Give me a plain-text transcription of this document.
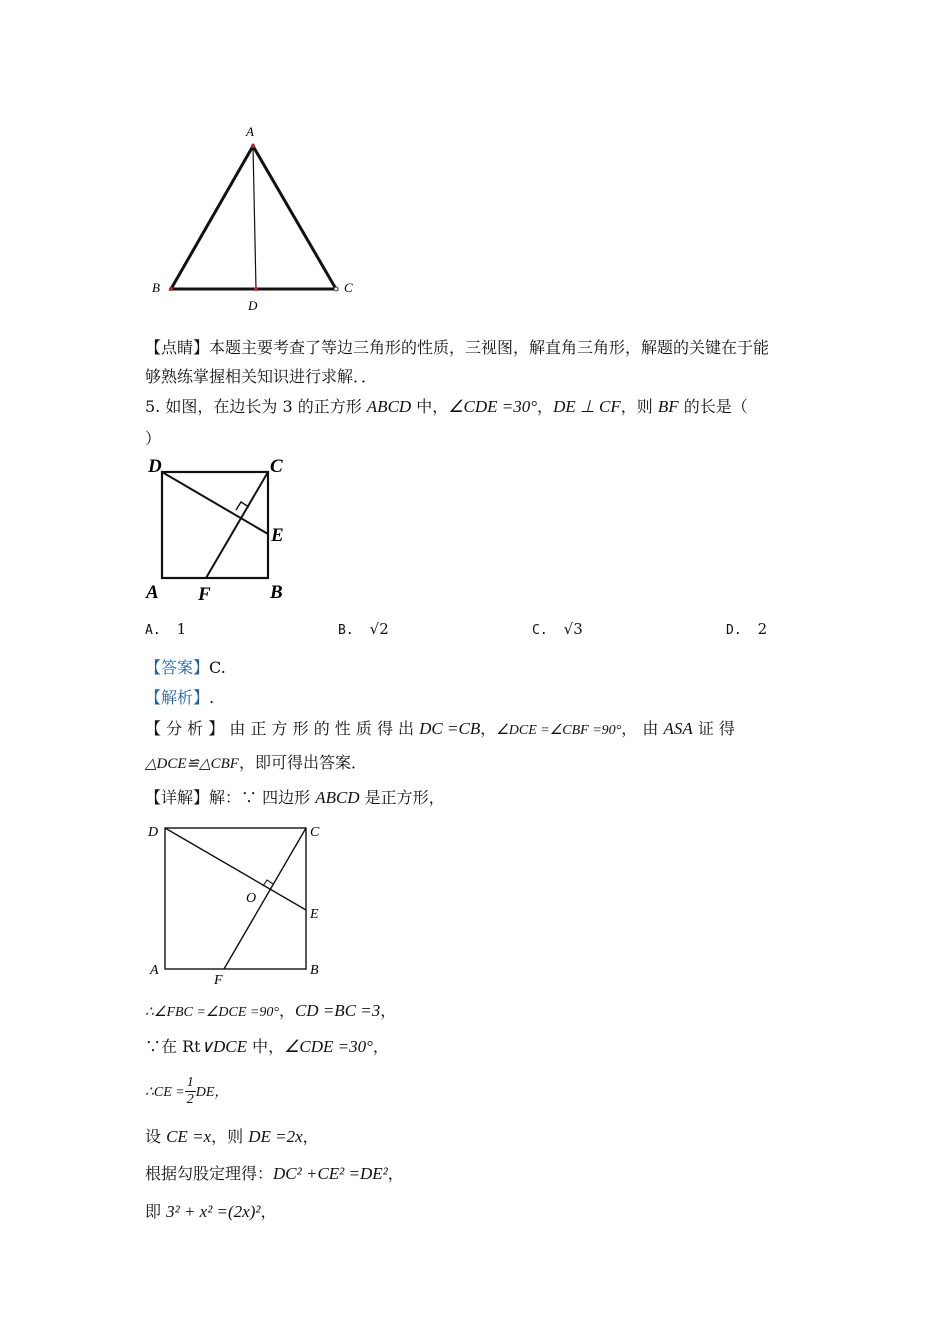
A
B	C
D
【点睛】本题主要考查了等边三角形的性质，三视图，解直角三角形，解题的关键在于能
够熟练掌握相关知识进行求解．．
5. 如图，在边长为 3 的正方形 ABCD 中，∠CDE =30°，DE ⊥ CF，则 BF 的长是（
）
D	C
E
A F	B
A. 1	B. √2	C. √3	D. 2
【答案】C.
【解析】.
【 分 析 】 由 正 方 形 的 性 质 得 出 DC =CB，∠DCE =∠CBF =90°， 由 ASA 证 得
△DCE≌△CBF，即可得出答案．
【详解】解：∵ 四边形 ABCD 是正方形，
D	C
O
E
A
F
B
∴∠FBC =∠DCE =90°，CD =BC =3，
∵在 Rt∨DCE 中，∠CDE =30°，
∴CE = $\frac{1}{2}$ DE，
设 CE =x，则 DE =2x，
根据勾股定理得：DC² +CE² =DE²，
即 3² + x² =(2x)²，
